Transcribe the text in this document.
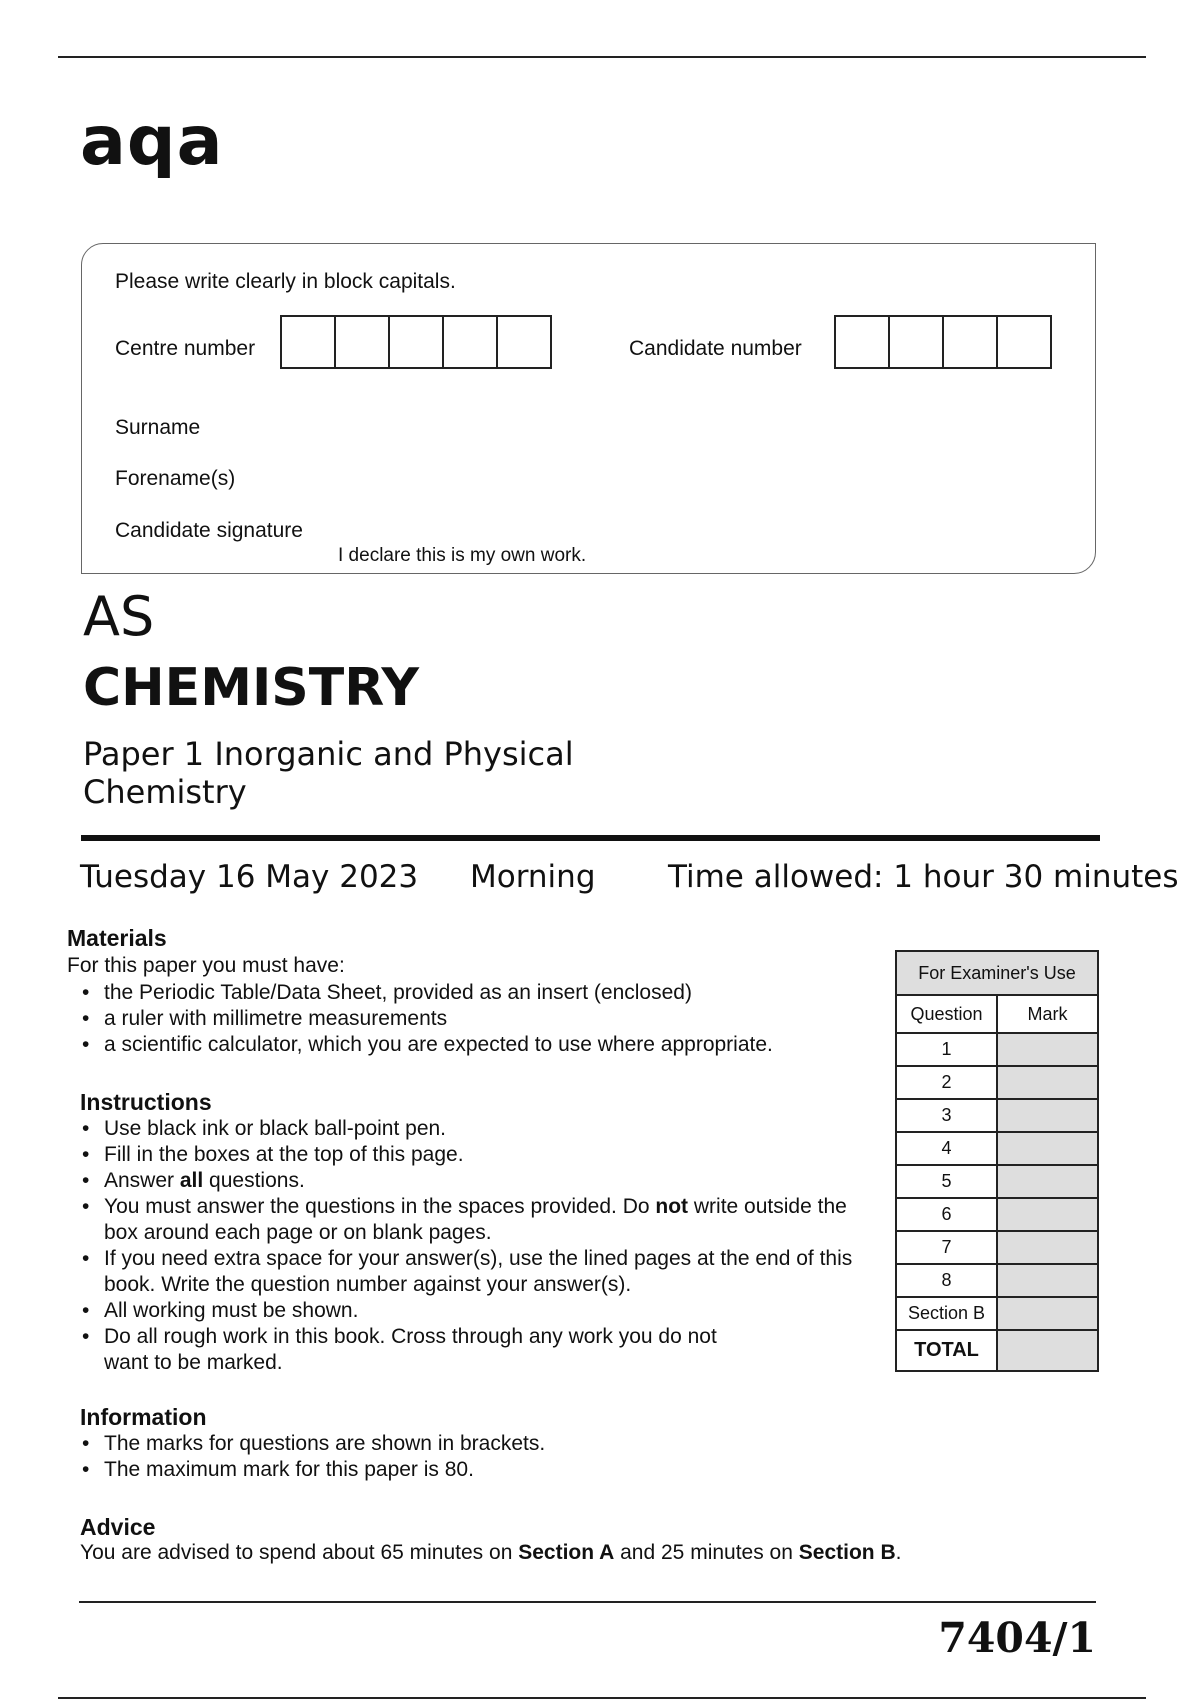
aqa
Please write clearly in block capitals.
Centre number	Candidate number
Surname
Forename(s)
Candidate signature
I declare this is my own work.
AS
CHEMISTRY
Paper 1 Inorganic and Physical Chemistry
Tuesday 16 May 2023 Morning Time allowed: 1 hour 30 minutes
Materials
For this paper you must have:
• the Periodic Table/Data Sheet, provided as an insert (enclosed)
• a ruler with millimetre measurements
• a scientific calculator, which you are expected to use where appropriate.
Instructions
• Use black ink or black ball-point pen.
• Fill in the boxes at the top of this page.
• Answer all questions.
• You must answer the questions in the spaces provided. Do not write outside the box around each page or on blank pages.
• If you need extra space for your answer(s), use the lined pages at the end of this book. Write the question number against your answer(s).
• All working must be shown.
• Do all rough work in this book. Cross through any work you do not want to be marked.
Information
• The marks for questions are shown in brackets.
• The maximum mark for this paper is 80.
Advice
You are advised to spend about 65 minutes on Section A and 25 minutes on Section B.
For Examiner's Use	
Question	Mark
1	
2	
3	
4	
5	
6	
7	
8	
Section B	
TOTAL	
7404/1
